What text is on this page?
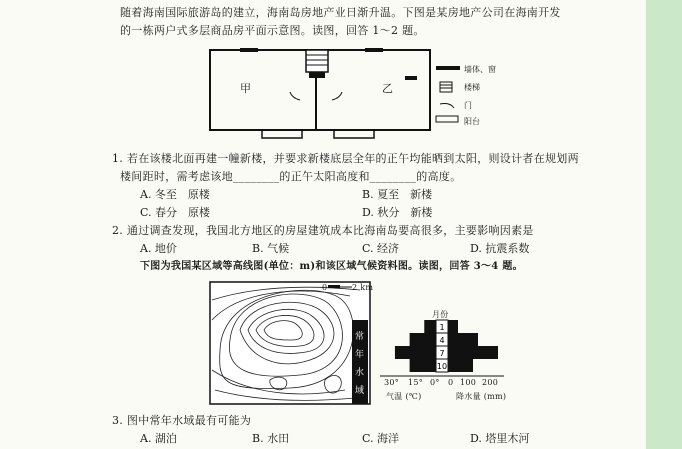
随着海南国际旅游岛的建立，海南岛房地产业日渐升温。下图是某房地产公司在海南开发
的一栋两户式多层商品房平面示意图。读图，回答 1～2 题。
甲	乙
墙体、窗
楼梯
门
阳台
1. 若在该楼北面再建一幢新楼，并要求新楼底层全年的正午均能晒到太阳，则设计者在规划两
楼间距时，需考虑该地________的正午太阳高度和________的高度。
A. 冬至　原楼	B. 夏至　新楼
C. 春分　原楼	D. 秋分　新楼
2. 通过调查发现，我国北方地区的房屋建筑成本比海南岛要高很多，主要影响因素是
A. 地价	B. 气候	C. 经济	D. 抗震系数
下图为我国某区域等高线图(单位：m)和该区域气候资料图。读图，回答 3～4 题。
0	2 km
常
年
水
域
1
4
7
10
月份
30° 15° 0° 0 100 200
气温 (℃)	降水量 (mm)
3. 图中常年水域最有可能为
A. 湖泊	B. 水田	C. 海洋	D. 塔里木河
